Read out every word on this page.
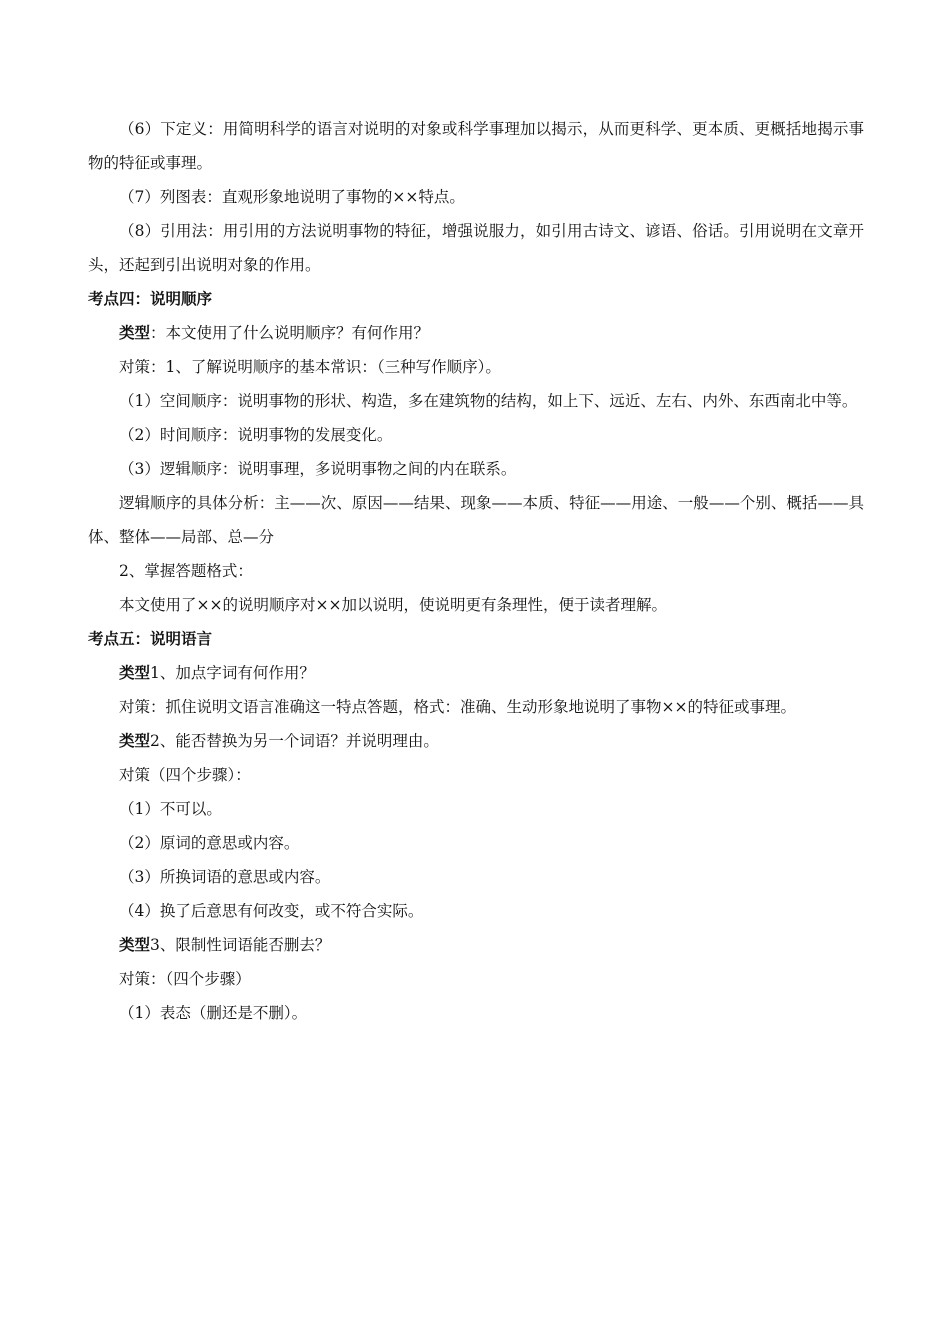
（6）下定义：用简明科学的语言对说明的对象或科学事理加以揭示，从而更科学、更本质、更概括地揭示事物的特征或事理。

（7）列图表：直观形象地说明了事物的××特点。

（8）引用法：用引用的方法说明事物的特征，增强说服力，如引用古诗文、谚语、俗话。引用说明在文章开头，还起到引出说明对象的作用。

考点四：说明顺序

类型：本文使用了什么说明顺序？有何作用？

对策：1、了解说明顺序的基本常识：（三种写作顺序）。

（1）空间顺序：说明事物的形状、构造，多在建筑物的结构，如上下、远近、左右、内外、东西南北中等。

（2）时间顺序：说明事物的发展变化。

（3）逻辑顺序：说明事理，多说明事物之间的内在联系。

逻辑顺序的具体分析：主——次、原因——结果、现象——本质、特征——用途、一般——个别、概括——具体、整体——局部、总—分

2、掌握答题格式：

本文使用了××的说明顺序对××加以说明，使说明更有条理性，便于读者理解。

考点五：说明语言

类型1、加点字词有何作用？

对策：抓住说明文语言准确这一特点答题，格式：准确、生动形象地说明了事物××的特征或事理。

类型2、能否替换为另一个词语？并说明理由。

对策（四个步骤）：

（1）不可以。

（2）原词的意思或内容。

（3）所换词语的意思或内容。

（4）换了后意思有何改变，或不符合实际。

类型3、限制性词语能否删去？

对策：（四个步骤）

（1）表态（删还是不删）。
